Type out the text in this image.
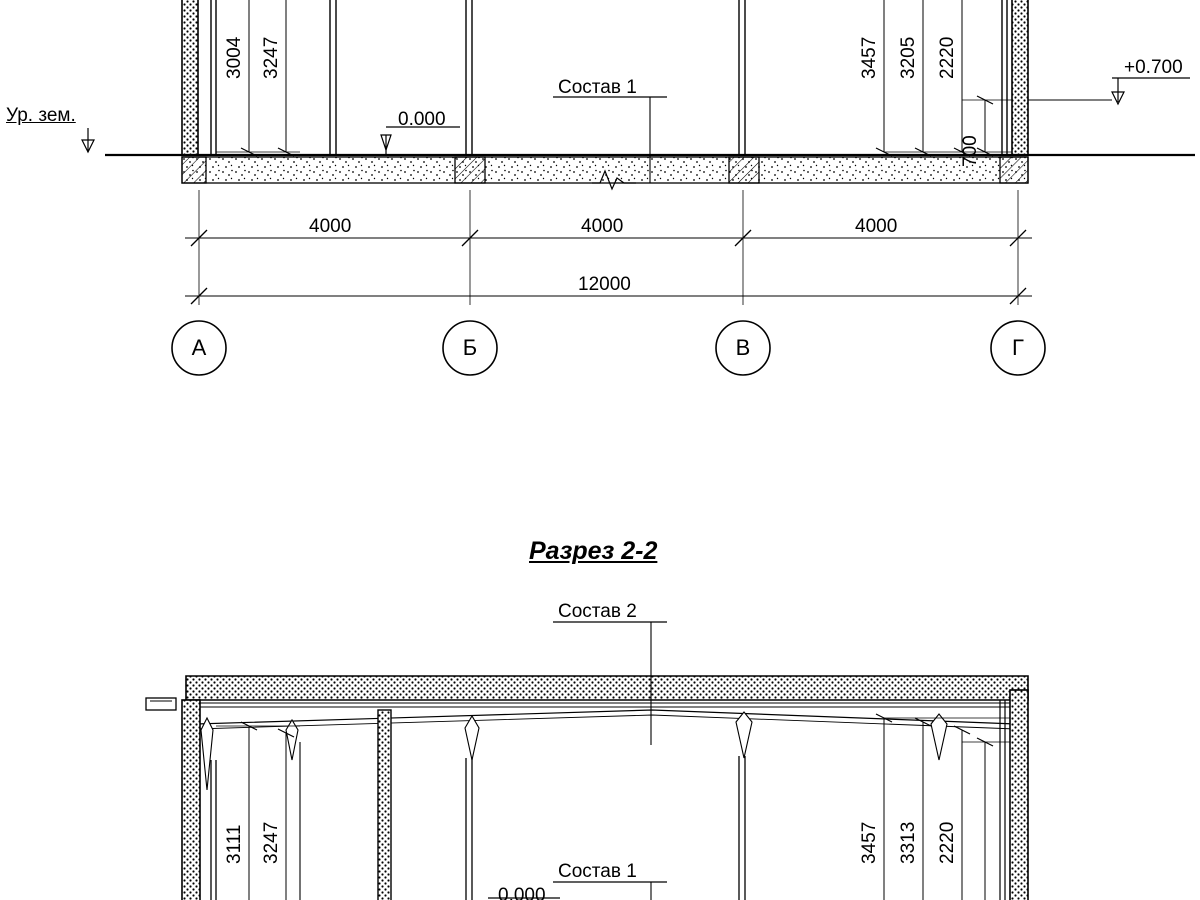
3004 3247	3457 3205 2220
700
+0.700
0.000
Состав 1
Ур. зем.
4000	4000	4000
12000
А	Б	В	Г
Разрез 2-2
Состав 2
Состав 1
0.000
3111 3247	3457 3313 2220
